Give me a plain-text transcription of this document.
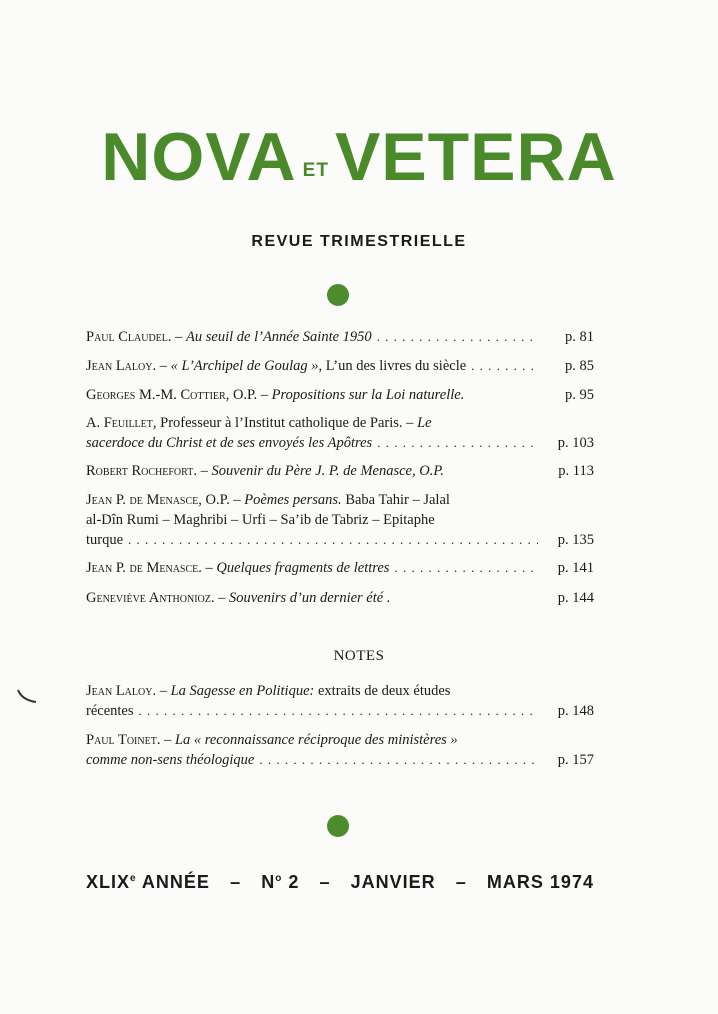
NOVA ETVETERA
REVUE TRIMESTRIELLE
Paul Claudel. – Au seuil de l’Année Sainte 1950 . . .	p. 81
Jean Laloy. – « L’Archipel de Goulag », L’un des livres du siècle . . .	p. 85
Georges M.-M. Cottier, O.P. – Propositions sur la Loi naturelle.	p. 95
A. Feuillet, Professeur à l’Institut catholique de Paris. – Le
sacerdoce du Christ et de ses envoyés les Apôtres . . .	p. 103
Robert Rochefort. – Souvenir du Père J. P. de Menasce, O.P.	p. 113
Jean P. de Menasce, O.P. – Poèmes persans. Baba Tahir – Jalal
al-Dîn Rumi – Maghribi – Urfi – Sa’ib de Tabriz – Epitaphe
turque . . .	p. 135
Jean P. de Menasce. – Quelques fragments de lettres . . .	p. 141
Geneviève Anthonioz. – Souvenirs d’un dernier été .	p. 144
NOTES
Jean Laloy. – La Sagesse en Politique: extraits de deux études
récentes . . .	p. 148
Paul Toinet. – La « reconnaissance réciproque des ministères »
comme non-sens théologique . . .	p. 157
XLIXe ANNÉE – $N^o$ 2 – JANVIER – MARS 1974
